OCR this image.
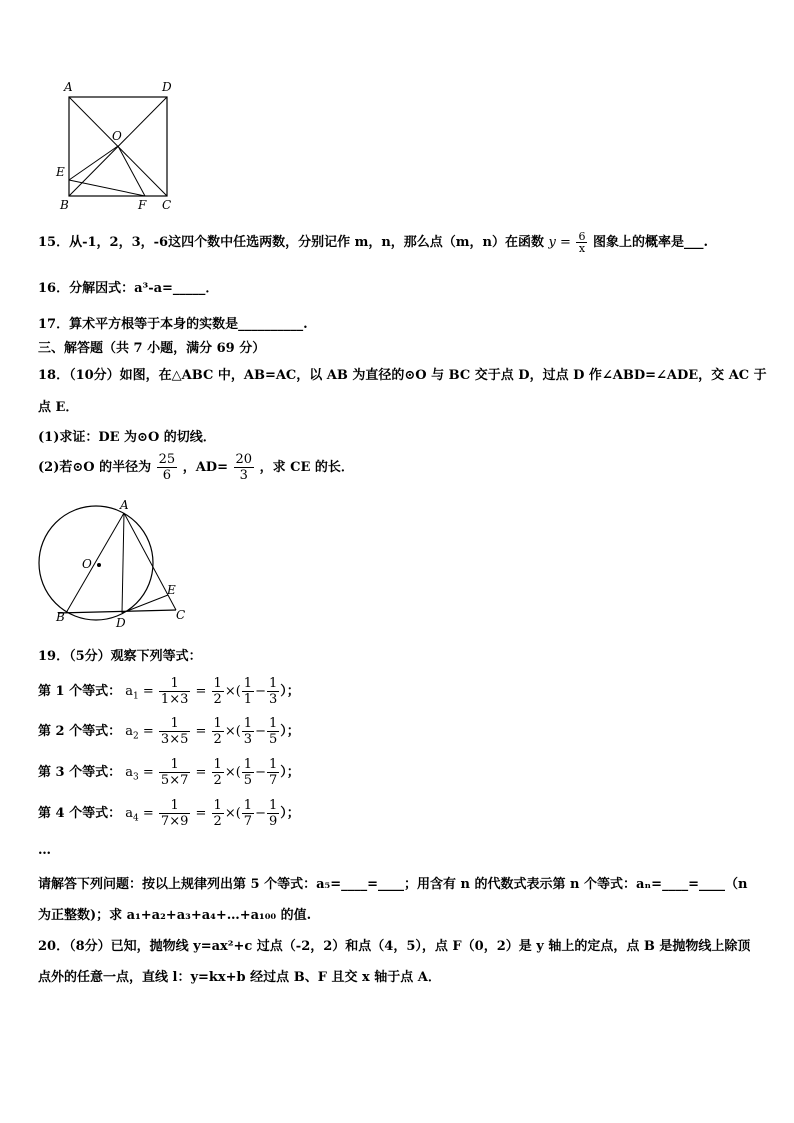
A	D
O
E
B	F C
15．从-1，2，3，-6这四个数中任选两数，分别记作 m，n，那么点（m，n）在函数 $y = \frac{6}{x}$ 图象上的概率是___.
16．分解因式：a³-a=_____．
17．算术平方根等于本身的实数是__________.
三、解答题（共 7 小题，满分 69 分）
18．（10分）如图，在△ABC 中，AB=AC，以 AB 为直径的⊙O 与 BC 交于点 D，过点 D 作∠ABD=∠ADE，交 AC 于
点 E．
(1)求证：DE 为⊙O 的切线．
(2)若⊙O 的半径为 $\frac{25}{6}$ ，$AD= \frac{20}{3}$ ，求 CE 的长．
A
O
E
B	D
C
19．（5分）观察下列等式：
第 1 个等式： $a_1 = \frac{1}{1\times 3} = \frac{1}{2}$ ×( $\frac{1}{1} - \frac{1}{3}$ ）；
第 2 个等式： $a_2 = \frac{1}{3\times 5} = \frac{1}{2}$ ×( $\frac{1}{3} - \frac{1}{5}$ ）；
第 3 个等式： $a_3 = \frac{1}{5\times 7} = \frac{1}{2}$ ×( $\frac{1}{5} - \frac{1}{7}$ ）；
第 4 个等式： $a_4 = \frac{1}{7\times 9} = \frac{1}{2}$ ×( $\frac{1}{7} - \frac{1}{9}$ ）；
…
请解答下列问题：按以上规律列出第 5 个等式：a₅=____=____；用含有 n 的代数式表示第 n 个等式：aₙ=____=____（n
为正整数)；求 a₁+a₂+a₃+a₄+…+a₁₀₀ 的值.
20．（8分）已知，抛物线 y=ax²+c 过点（-2，2）和点（4，5），点 F（0，2）是 y 轴上的定点，点 B 是抛物线上除顶
点外的任意一点，直线 l：y=kx+b 经过点 B、F 且交 x 轴于点 A．
